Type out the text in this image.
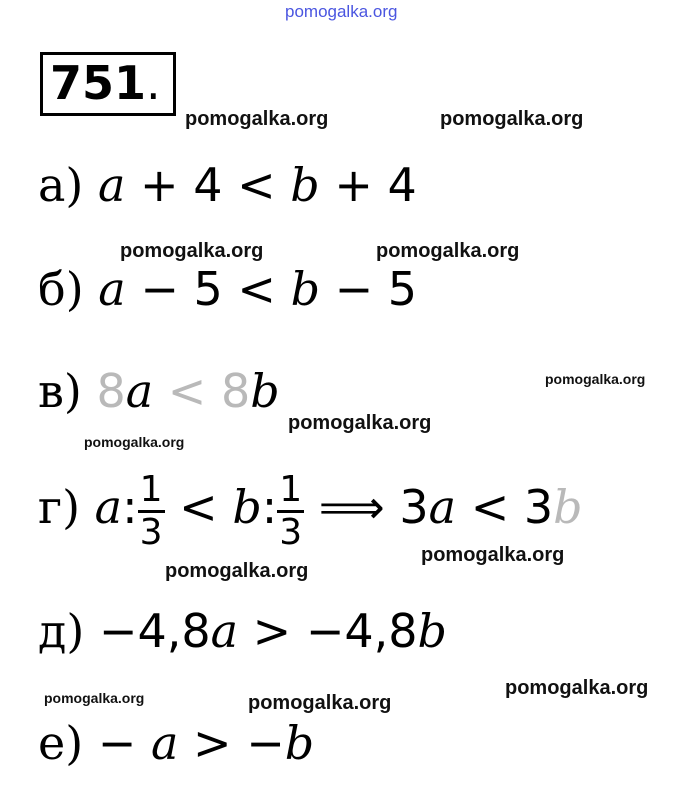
pomogalka.org
751.
pomogalka.org	pomogalka.org
pomogalka.org	pomogalka.org
pomogalka.org
pomogalka.org
pomogalka.org
pomogalka.org
pomogalka.org
pomogalka.org
pomogalka.org	pomogalka.org
а) a + 4 < b + 4
б) a − 5 < b − 5
в) 8a < 8b
г) a: $\frac{1}{3} < b$: $\frac{1}{3}$ ⟹ 3a < 3b
д) −4,8a > −4,8b
е) − a > −b
